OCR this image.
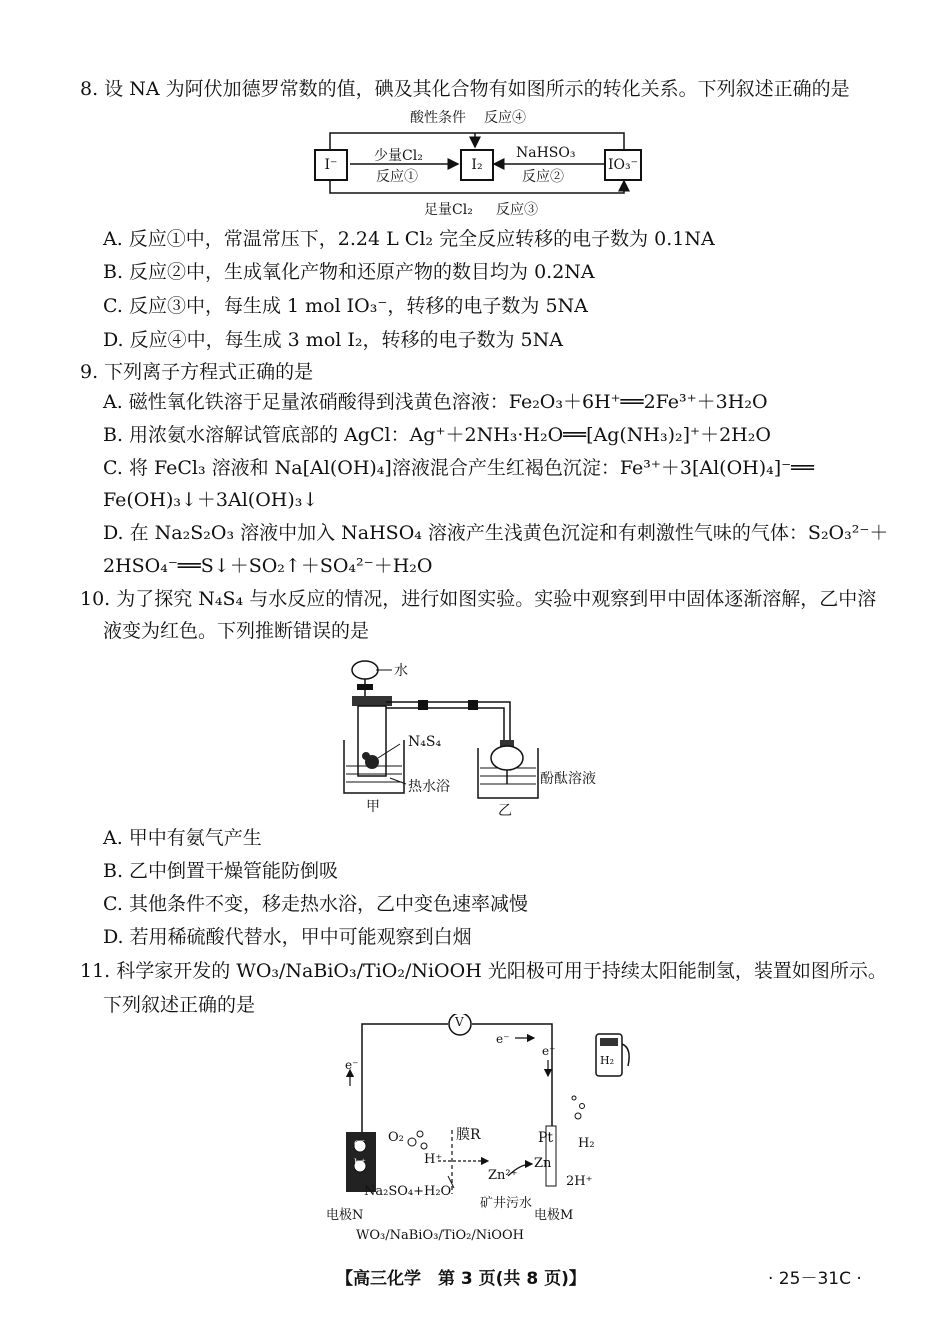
8. 设 NA 为阿伏加德罗常数的值，碘及其化合物有如图所示的转化关系。下列叙述正确的是
酸性条件 反应④
I⁻	I₂	IO₃⁻
少量Cl₂
反应①
NaHSO₃
反应②
足量Cl₂ 反应③
A. 反应①中，常温常压下，2.24 L Cl₂ 完全反应转移的电子数为 0.1NA
B. 反应②中，生成氧化产物和还原产物的数目均为 0.2NA
C. 反应③中，每生成 1 mol IO₃⁻，转移的电子数为 5NA
D. 反应④中，每生成 3 mol I₂，转移的电子数为 5NA
9. 下列离子方程式正确的是
A. 磁性氧化铁溶于足量浓硝酸得到浅黄色溶液：Fe₂O₃＋6H⁺══2Fe³⁺＋3H₂O
B. 用浓氨水溶解试管底部的 AgCl：Ag⁺＋2NH₃·H₂O══[Ag(NH₃)₂]⁺＋2H₂O
C. 将 FeCl₃ 溶液和 Na[Al(OH)₄]溶液混合产生红褐色沉淀：Fe³⁺＋3[Al(OH)₄]⁻══
Fe(OH)₃↓＋3Al(OH)₃↓
D. 在 Na₂S₂O₃ 溶液中加入 NaHSO₄ 溶液产生浅黄色沉淀和有刺激性气味的气体：S₂O₃²⁻＋
2HSO₄⁻══S↓＋SO₂↑＋SO₄²⁻＋H₂O
10. 为了探究 N₄S₄ 与水反应的情况，进行如图实验。实验中观察到甲中固体逐渐溶解，乙中溶
液变为红色。下列推断错误的是
水
N₄S₄
热水浴	酚酞溶液
甲	乙
A. 甲中有氨气产生
B. 乙中倒置干燥管能防倒吸
C. 其他条件不变，移走热水浴，乙中变色速率减慢
D. 若用稀硫酸代替水，甲中可能观察到白烟
11. 科学家开发的 WO₃/NaBiO₃/TiO₂/NiOOH 光阳极可用于持续太阳能制氢，装置如图所示。
下列叙述正确的是
V
e⁻
e⁻
e⁻
H₂
e⁻
h⁺
O₂	膜R	Pt H₂
H⁺
Zn²⁺
Zn
2H⁺
Na₂SO₄+H₂O
矿井污水
电极N	电极M
WO₃/NaBiO₃/TiO₂/NiOOH
【高三化学　第 3 页(共 8 页)】	· 25－31C ·
